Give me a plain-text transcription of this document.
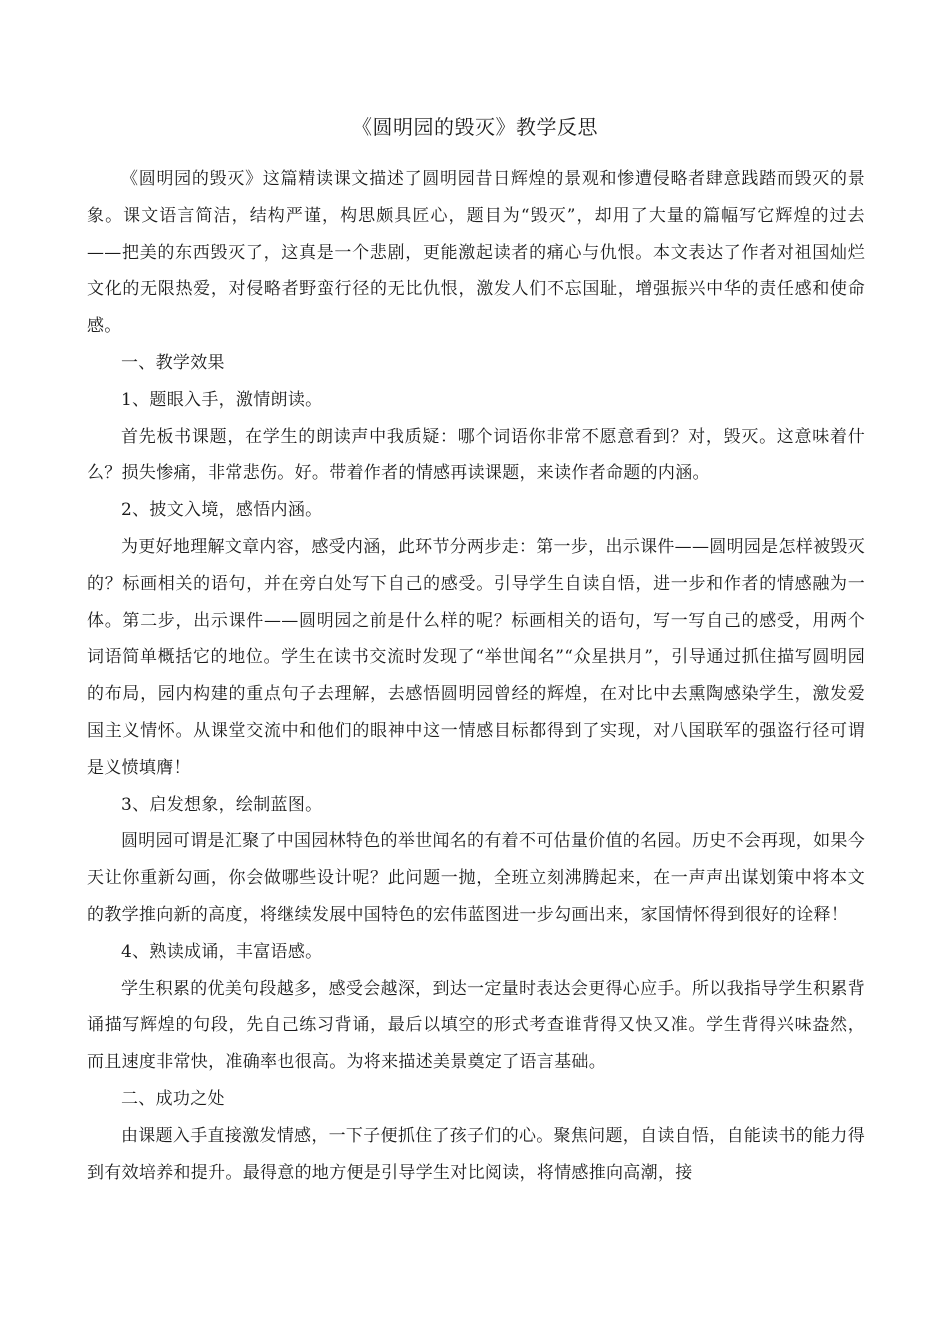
《圆明园的毁灭》教学反思

《圆明园的毁灭》这篇精读课文描述了圆明园昔日辉煌的景观和惨遭侵略者肆意践踏而毁灭的景象。课文语言简洁，结构严谨，构思颇具匠心，题目为“毁灭”，却用了大量的篇幅写它辉煌的过去——把美的东西毁灭了，这真是一个悲剧，更能激起读者的痛心与仇恨。本文表达了作者对祖国灿烂文化的无限热爱，对侵略者野蛮行径的无比仇恨，激发人们不忘国耻，增强振兴中华的责任感和使命感。

一、教学效果

1、题眼入手，激情朗读。

首先板书课题，在学生的朗读声中我质疑：哪个词语你非常不愿意看到？对，毁灭。这意味着什么？损失惨痛，非常悲伤。好。带着作者的情感再读课题，来读作者命题的内涵。

2、披文入境，感悟内涵。

为更好地理解文章内容，感受内涵，此环节分两步走：第一步，出示课件——圆明园是怎样被毁灭的？标画相关的语句，并在旁白处写下自己的感受。引导学生自读自悟，进一步和作者的情感融为一体。第二步，出示课件——圆明园之前是什么样的呢？标画相关的语句，写一写自己的感受，用两个词语简单概括它的地位。学生在读书交流时发现了“举世闻名”“众星拱月”，引导通过抓住描写圆明园的布局，园内构建的重点句子去理解，去感悟圆明园曾经的辉煌，在对比中去熏陶感染学生，激发爱国主义情怀。从课堂交流中和他们的眼神中这一情感目标都得到了实现，对八国联军的强盗行径可谓是义愤填膺！

3、启发想象，绘制蓝图。

圆明园可谓是汇聚了中国园林特色的举世闻名的有着不可估量价值的名园。历史不会再现，如果今天让你重新勾画，你会做哪些设计呢？此问题一抛，全班立刻沸腾起来，在一声声出谋划策中将本文的教学推向新的高度，将继续发展中国特色的宏伟蓝图进一步勾画出来，家国情怀得到很好的诠释！

4、熟读成诵，丰富语感。

学生积累的优美句段越多，感受会越深，到达一定量时表达会更得心应手。所以我指导学生积累背诵描写辉煌的句段，先自己练习背诵，最后以填空的形式考查谁背得又快又准。学生背得兴味盎然，而且速度非常快，准确率也很高。为将来描述美景奠定了语言基础。

二、成功之处

由课题入手直接激发情感，一下子便抓住了孩子们的心。聚焦问题，自读自悟，自能读书的能力得到有效培养和提升。最得意的地方便是引导学生对比阅读，将情感推向高潮，接
